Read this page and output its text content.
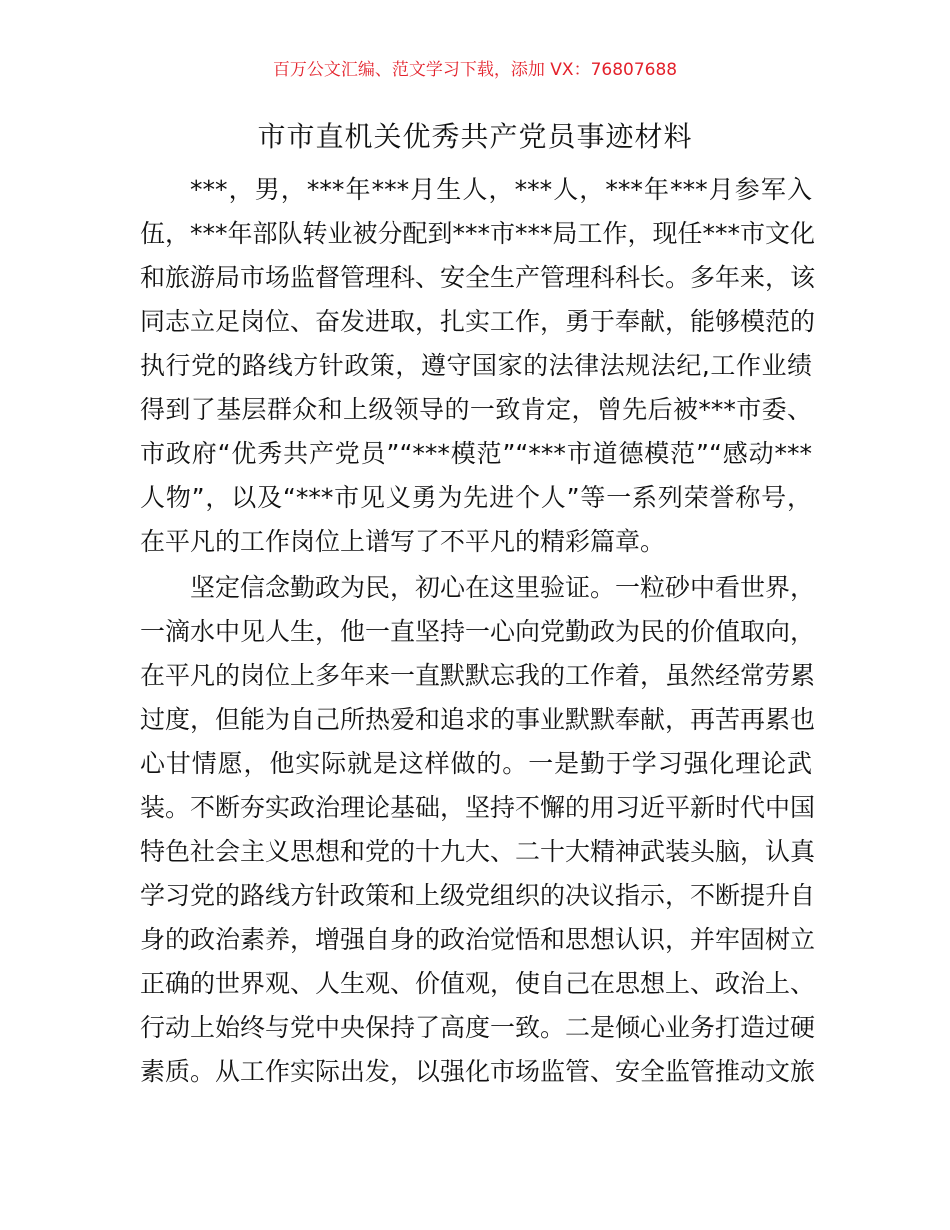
百万公文汇编、范文学习下载，添加 VX：76807688
市市直机关优秀共产党员事迹材料
***，男，***年***月生人，***人，***年***月参军入
伍，***年部队转业被分配到***市***局工作，现任***市文化
和旅游局市场监督管理科、安全生产管理科科长。多年来，该
同志立足岗位、奋发进取，扎实工作，勇于奉献，能够模范的
执行党的路线方针政策，遵守国家的法律法规法纪,工作业绩
得到了基层群众和上级领导的一致肯定，曾先后被***市委、
市政府“优秀共产党员”“***模范”“***市道德模范”“感动***
人物”，以及“***市见义勇为先进个人”等一系列荣誉称号，
在平凡的工作岗位上谱写了不平凡的精彩篇章。
坚定信念勤政为民，初心在这里验证。一粒砂中看世界，
一滴水中见人生，他一直坚持一心向党勤政为民的价值取向，
在平凡的岗位上多年来一直默默忘我的工作着，虽然经常劳累
过度，但能为自己所热爱和追求的事业默默奉献，再苦再累也
心甘情愿，他实际就是这样做的。一是勤于学习强化理论武
装。不断夯实政治理论基础，坚持不懈的用习近平新时代中国
特色社会主义思想和党的十九大、二十大精神武装头脑，认真
学习党的路线方针政策和上级党组织的决议指示，不断提升自
身的政治素养，增强自身的政治觉悟和思想认识，并牢固树立
正确的世界观、人生观、价值观，使自己在思想上、政治上、
行动上始终与党中央保持了高度一致。二是倾心业务打造过硬
素质。从工作实际出发，以强化市场监管、安全监管推动文旅
